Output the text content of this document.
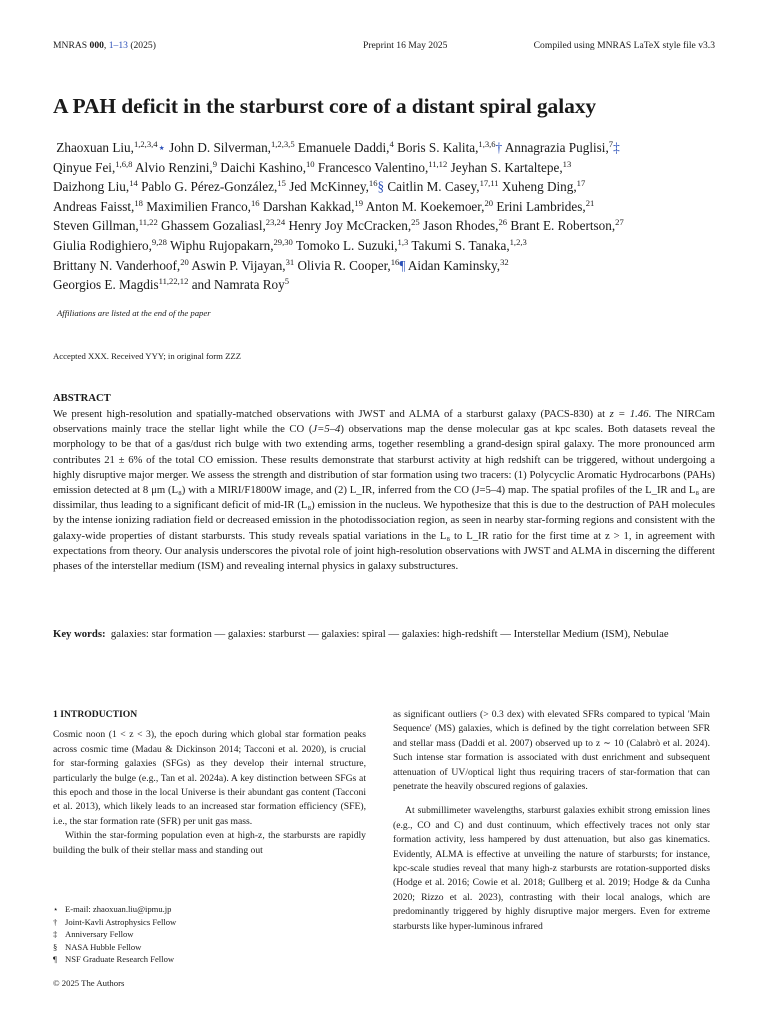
MNRAS 000, 1–13 (2025)	Preprint 16 May 2025	Compiled using MNRAS LaTeX style file v3.3
A PAH deficit in the starburst core of a distant spiral galaxy
Zhaoxuan Liu,$^{1,2,3,4}$⋆ John D. Silverman,$^{1,2,3,5}$ Emanuele Daddi,$^4$ Boris S. Kalita,$^{1,3,6}$† Annagrazia Puglisi,$^7$‡
Qinyue Fei,$^{1,6,8}$ Alvio Renzini,$^9$ Daichi Kashino,$^{10}$ Francesco Valentino,$^{11,12}$ Jeyhan S. Kartaltepe,$^{13}$
Daizhong Liu,$^{14}$ Pablo G. Pérez-González,$^{15}$ Jed McKinney,$^{16}$§ Caitlin M. Casey,$^{17,11}$ Xuheng Ding,$^{17}$
Andreas Faisst,$^{18}$ Maximilien Franco,$^{16}$ Darshan Kakkad,$^{19}$ Anton M. Koekemoer,$^{20}$ Erini Lambrides,$^{21}$
Steven Gillman,$^{11,22}$ Ghassem Gozaliasl,$^{23,24}$ Henry Joy McCracken,$^{25}$ Jason Rhodes,$^{26}$ Brant E. Robertson,$^{27}$
Giulia Rodighiero,$^{9,28}$ Wiphu Rujopakarn,$^{29,30}$ Tomoko L. Suzuki,$^{1,3}$ Takumi S. Tanaka,$^{1,2,3}$
Brittany N. Vanderhoof,$^{20}$ Aswin P. Vijayan,$^{31}$ Olivia R. Cooper,$^{16}$¶ Aidan Kaminsky,$^{32}$
Georgios E. Magdis$^{11,22,12}$ and Namrata Roy$^5$
Affiliations are listed at the end of the paper
Accepted XXX. Received YYY; in original form ZZZ
ABSTRACT
We present high-resolution and spatially-matched observations with JWST and ALMA of a starburst galaxy (PACS-830) at z = 1.46. The NIRCam observations mainly trace the stellar light while the CO (J=5–4) observations map the dense molecular gas at kpc scales. Both datasets reveal the morphology to be that of a gas/dust rich bulge with two extending arms, together resembling a grand-design spiral galaxy. The more pronounced arm contributes 21 ± 6% of the total CO emission. These results demonstrate that starburst activity at high redshift can be triggered, without undergoing a highly disruptive major merger. We assess the strength and distribution of star formation using two tracers: (1) Polycyclic Aromatic Hydrocarbons (PAHs) emission detected at 8 μm (L₈) with a MIRI/F1800W image, and (2) L_IR, inferred from the CO (J=5–4) map. The spatial profiles of the L_IR and L₈ are dissimilar, thus leading to a significant deficit of mid-IR (L₈) emission in the nucleus. We hypothesize that this is due to the destruction of PAH molecules by the intense ionizing radiation field or decreased emission in the photodissociation region, as seen in nearby star-forming regions and consistent with the galaxy-wide properties of distant starbursts. This study reveals spatial variations in the L₈ to L_IR ratio for the first time at z > 1, in agreement with expectations from theory. Our analysis underscores the pivotal role of joint high-resolution observations with JWST and ALMA in discerning the different phases of the interstellar medium (ISM) and revealing internal physics in galaxy substructures.
Key words: galaxies: star formation — galaxies: starburst — galaxies: spiral — galaxies: high-redshift — Interstellar Medium (ISM), Nebulae
1 INTRODUCTION

Cosmic noon (1 < z < 3), the epoch during which global star formation peaks across cosmic time (Madau & Dickinson 2014; Tacconi et al. 2020), is crucial for star-forming galaxies (SFGs) as they develop their internal structure, particularly the bulge (e.g., Tan et al. 2024a). A key distinction between SFGs at this epoch and those in the local Universe is their abundant gas content (Tacconi et al. 2013), which likely leads to an increased star formation efficiency (SFE), i.e., the star formation rate (SFR) per unit gas mass.

Within the star-forming population even at high-z, the starbursts are rapidly building the bulk of their stellar mass and standing out

⋆ E-mail: zhaoxuan.liu@ipmu.jp
† Joint-Kavli Astrophysics Fellow
‡ Anniversary Fellow
§ NASA Hubble Fellow
¶ NSF Graduate Research Fellow

as significant outliers (> 0.3 dex) with elevated SFRs compared to typical 'Main Sequence' (MS) galaxies, which is defined by the tight correlation between SFR and stellar mass (Daddi et al. 2007) observed up to z ∼ 10 (Calabrò et al. 2024). Such intense star formation is associated with dust enrichment and subsequent attenuation of UV/optical light thus requiring tracers of star-formation that can penetrate the heavily obscured regions of galaxies.

At submillimeter wavelengths, starburst galaxies exhibit strong emission lines (e.g., CO and C) and dust continuum, which effectively traces not only star formation activity, less hampered by dust attenuation, but also gas kinematics. Evidently, ALMA is effective at unveiling the nature of starbursts; for instance, kpc-scale studies reveal that many high-z starbursts are rotation-supported disks (Hodge et al. 2016; Cowie et al. 2018; Gullberg et al. 2019; Hodge & da Cunha 2020; Rizzo et al. 2023), contrasting with their local analogs, which are predominantly triggered by highly disruptive major mergers. Even for extreme starbursts like hyper-luminous infrared

© 2025 The Authors
